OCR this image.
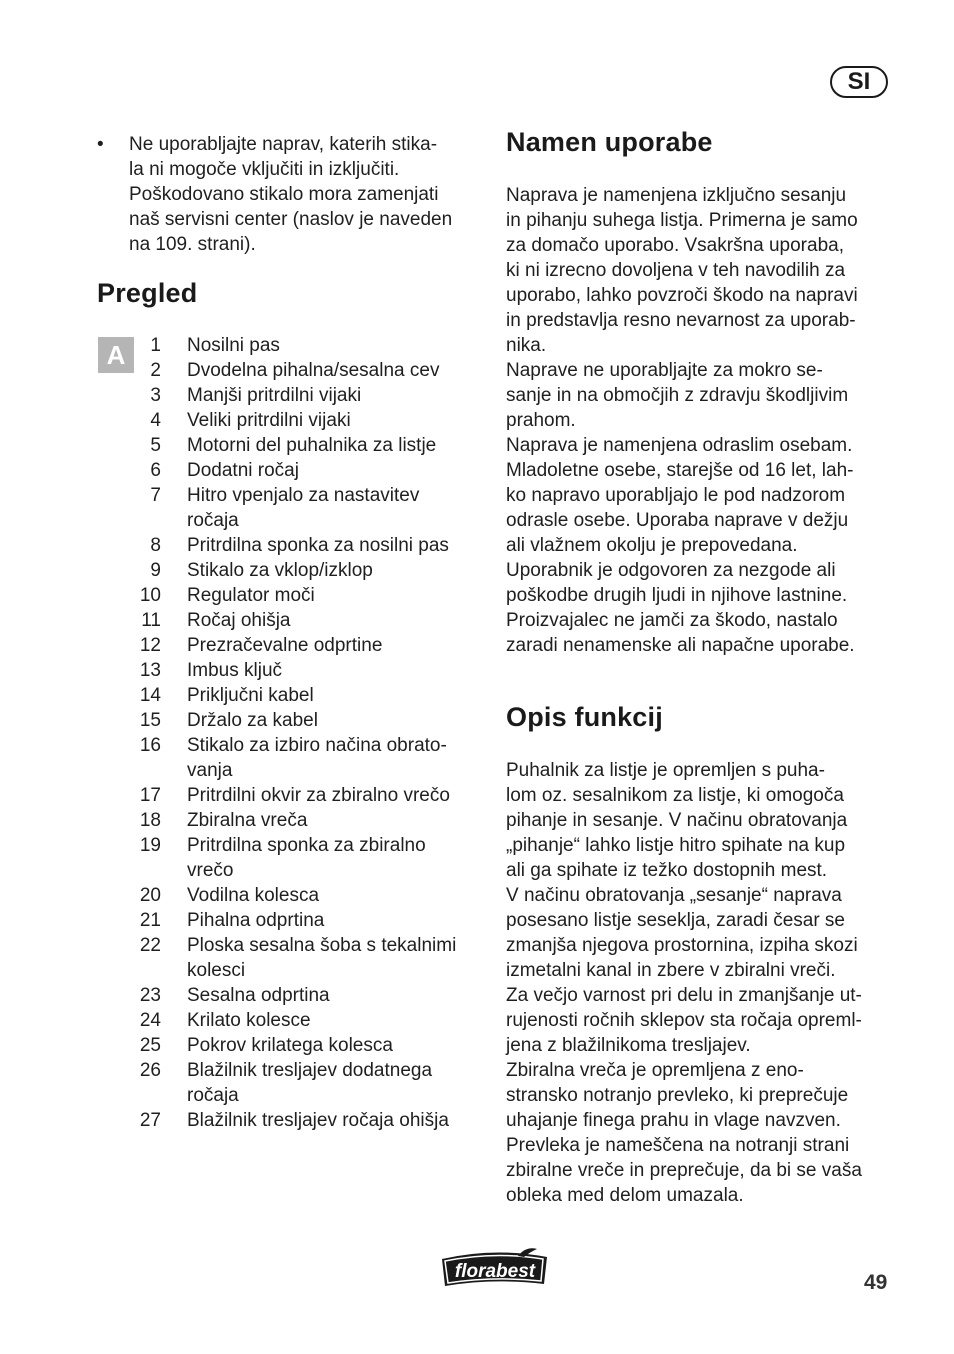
SI
•	Ne uporabljajte naprav, katerih stika-
la ni mogoče vključiti in izključiti.
Poškodovano stikalo mora zamenjati
naš servisni center (naslov je naveden
na 109. strani).
Pregled
A	1 Nosilni pas
2 Dvodelna pihalna/sesalna cev
3 Manjši pritrdilni vijaki
4 Veliki pritrdilni vijaki
5 Motorni del puhalnika za listje
6 Dodatni ročaj
7 Hitro vpenjalo za nastavitev
ročaja
8 Pritrdilna sponka za nosilni pas
9 Stikalo za vklop/izklop
10 Regulator moči
11 Ročaj ohišja
12 Prezračevalne odprtine
13 Imbus ključ
14 Priključni kabel
15 Držalo za kabel
16 Stikalo za izbiro načina obrato-
vanja
17 Pritrdilni okvir za zbiralno vrečo
18 Zbiralna vreča
19 Pritrdilna sponka za zbiralno
vrečo
20 Vodilna kolesca
21 Pihalna odprtina
22 Ploska sesalna šoba s tekalnimi
kolesci
23 Sesalna odprtina
24 Krilato kolesce
25 Pokrov krilatega kolesca
26 Blažilnik tresljajev dodatnega
ročaja
27 Blažilnik tresljajev ročaja ohišja
Namen uporabe
Naprava je namenjena izključno sesanju
in pihanju suhega listja. Primerna je samo
za domačo uporabo. Vsakršna uporaba,
ki ni izrecno dovoljena v teh navodilih za
uporabo, lahko povzroči škodo na napravi
in predstavlja resno nevarnost za uporab-
nika.
Naprave ne uporabljajte za mokro se-
sanje in na območjih z zdravju škodljivim
prahom.
Naprava je namenjena odraslim osebam.
Mladoletne osebe, starejše od 16 let, lah-
ko napravo uporabljajo le pod nadzorom
odrasle osebe. Uporaba naprave v dežju
ali vlažnem okolju je prepovedana.
Uporabnik je odgovoren za nezgode ali
poškodbe drugih ljudi in njihove lastnine.
Proizvajalec ne jamči za škodo, nastalo
zaradi nenamenske ali napačne uporabe.
Opis funkcij
Puhalnik za listje je opremljen s puha-
lom oz. sesalnikom za listje, ki omogoča
pihanje in sesanje. V načinu obratovanja
„pihanje“ lahko listje hitro spihate na kup
ali ga spihate iz težko dostopnih mest.
V načinu obratovanja „sesanje“ naprava
posesano listje seseklja, zaradi česar se
zmanjša njegova prostornina, izpiha skozi
izmetalni kanal in zbere v zbiralni vreči.
Za večjo varnost pri delu in zmanjšanje ut-
rujenosti ročnih sklepov sta ročaja opreml-
jena z blažilnikoma tresljajev.
Zbiralna vreča je opremljena z eno-
stransko notranjo prevleko, ki preprečuje
uhajanje finega prahu in vlage navzven.
Prevleka je nameščena na notranji strani
zbiralne vreče in preprečuje, da bi se vaša
obleka med delom umazala.
florabest	49
